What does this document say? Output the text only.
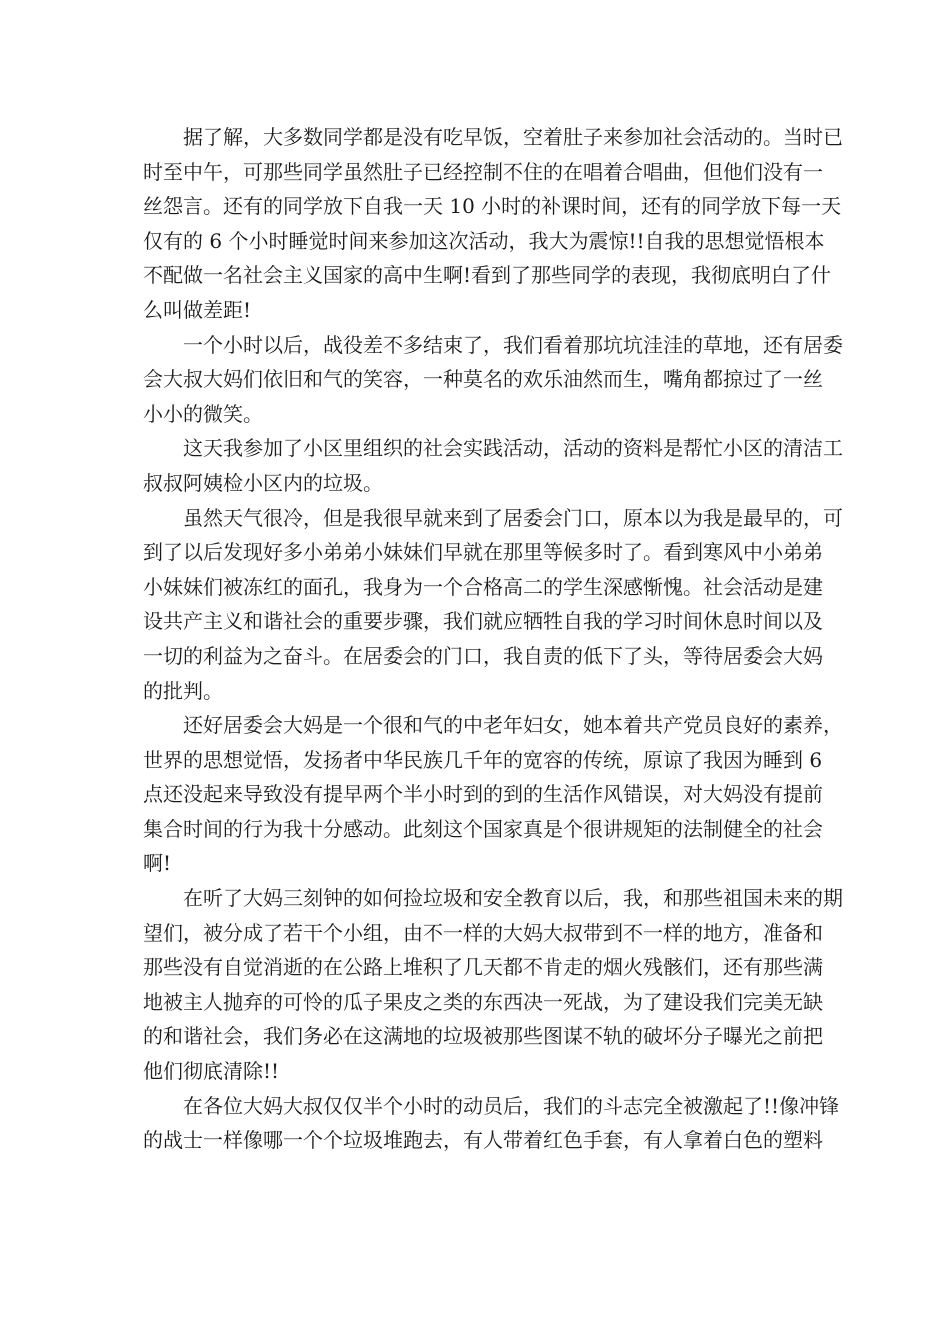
据了解，大多数同学都是没有吃早饭，空着肚子来参加社会活动的。当时已
时至中午，可那些同学虽然肚子已经控制不住的在唱着合唱曲，但他们没有一
丝怨言。还有的同学放下自我一天 10 小时的补课时间，还有的同学放下每一天
仅有的 6 个小时睡觉时间来参加这次活动，我大为震惊!!自我的思想觉悟根本
不配做一名社会主义国家的高中生啊!看到了那些同学的表现，我彻底明白了什
么叫做差距!

一个小时以后，战役差不多结束了，我们看着那坑坑洼洼的草地，还有居委
会大叔大妈们依旧和气的笑容，一种莫名的欢乐油然而生，嘴角都掠过了一丝
小小的微笑。

这天我参加了小区里组织的社会实践活动，活动的资料是帮忙小区的清洁工
叔叔阿姨检小区内的垃圾。

虽然天气很冷，但是我很早就来到了居委会门口，原本以为我是最早的，可
到了以后发现好多小弟弟小妹妹们早就在那里等候多时了。看到寒风中小弟弟
小妹妹们被冻红的面孔，我身为一个合格高二的学生深感惭愧。社会活动是建
设共产主义和谐社会的重要步骤，我们就应牺牲自我的学习时间休息时间以及
一切的利益为之奋斗。在居委会的门口，我自责的低下了头，等待居委会大妈
的批判。

还好居委会大妈是一个很和气的中老年妇女，她本着共产党员良好的素养，
世界的思想觉悟，发扬者中华民族几千年的宽容的传统，原谅了我因为睡到 6
点还没起来导致没有提早两个半小时到的到的生活作风错误，对大妈没有提前
集合时间的行为我十分感动。此刻这个国家真是个很讲规矩的法制健全的社会
啊!

在听了大妈三刻钟的如何捡垃圾和安全教育以后，我，和那些祖国未来的期
望们，被分成了若干个小组，由不一样的大妈大叔带到不一样的地方，准备和
那些没有自觉消逝的在公路上堆积了几天都不肯走的烟火残骸们，还有那些满
地被主人抛弃的可怜的瓜子果皮之类的东西决一死战，为了建设我们完美无缺
的和谐社会，我们务必在这满地的垃圾被那些图谋不轨的破坏分子曝光之前把
他们彻底清除!!

在各位大妈大叔仅仅半个小时的动员后，我们的斗志完全被激起了!!像冲锋
的战士一样像哪一个个垃圾堆跑去，有人带着红色手套，有人拿着白色的塑料
